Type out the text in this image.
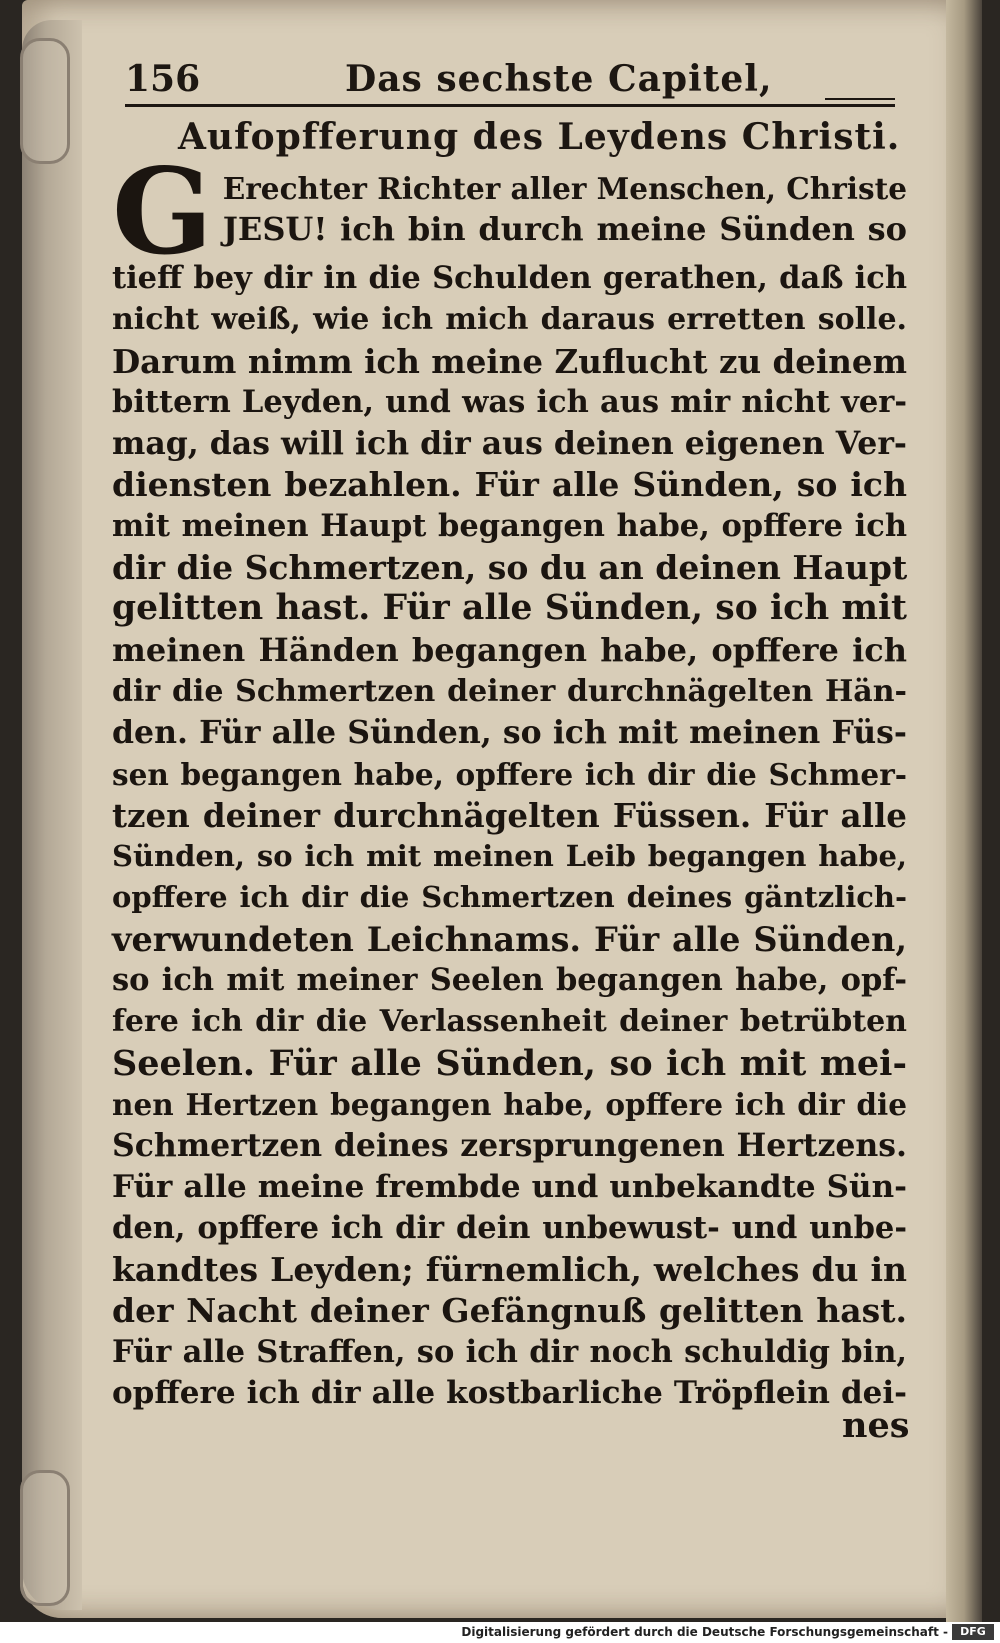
156	Das sechste Capitel,
Aufopfferung des Leydens Christi.
G Erechter Richter aller Menschen, Christe
JESU! ich bin durch meine Sünden so
tieff bey dir in die Schulden gerathen, daß ich
nicht weiß, wie ich mich daraus erretten solle.
Darum nimm ich meine Zuflucht zu deinem
bittern Leyden, und was ich aus mir nicht ver-
mag, das will ich dir aus deinen eigenen Ver-
diensten bezahlen. Für alle Sünden, so ich
mit meinen Haupt begangen habe, opffere ich
dir die Schmertzen, so du an deinen Haupt
gelitten hast. Für alle Sünden, so ich mit
meinen Händen begangen habe, opffere ich
dir die Schmertzen deiner durchnägelten Hän-
den. Für alle Sünden, so ich mit meinen Füs-
sen begangen habe, opffere ich dir die Schmer-
tzen deiner durchnägelten Füssen. Für alle
Sünden, so ich mit meinen Leib begangen habe,
opffere ich dir die Schmertzen deines gäntzlich-
verwundeten Leichnams. Für alle Sünden,
so ich mit meiner Seelen begangen habe, opf-
fere ich dir die Verlassenheit deiner betrübten
Seelen. Für alle Sünden, so ich mit mei-
nen Hertzen begangen habe, opffere ich dir die
Schmertzen deines zersprungenen Hertzens.
Für alle meine frembde und unbekandte Sün-
den, opffere ich dir dein unbewust- und unbe-
kandtes Leyden; fürnemlich, welches du in
der Nacht deiner Gefängnuß gelitten hast.
Für alle Straffen, so ich dir noch schuldig bin,
opffere ich dir alle kostbarliche Tröpflein dei-
nes
Digitalisierung gefördert durch die Deutsche Forschungsgemeinschaft -	DFG
